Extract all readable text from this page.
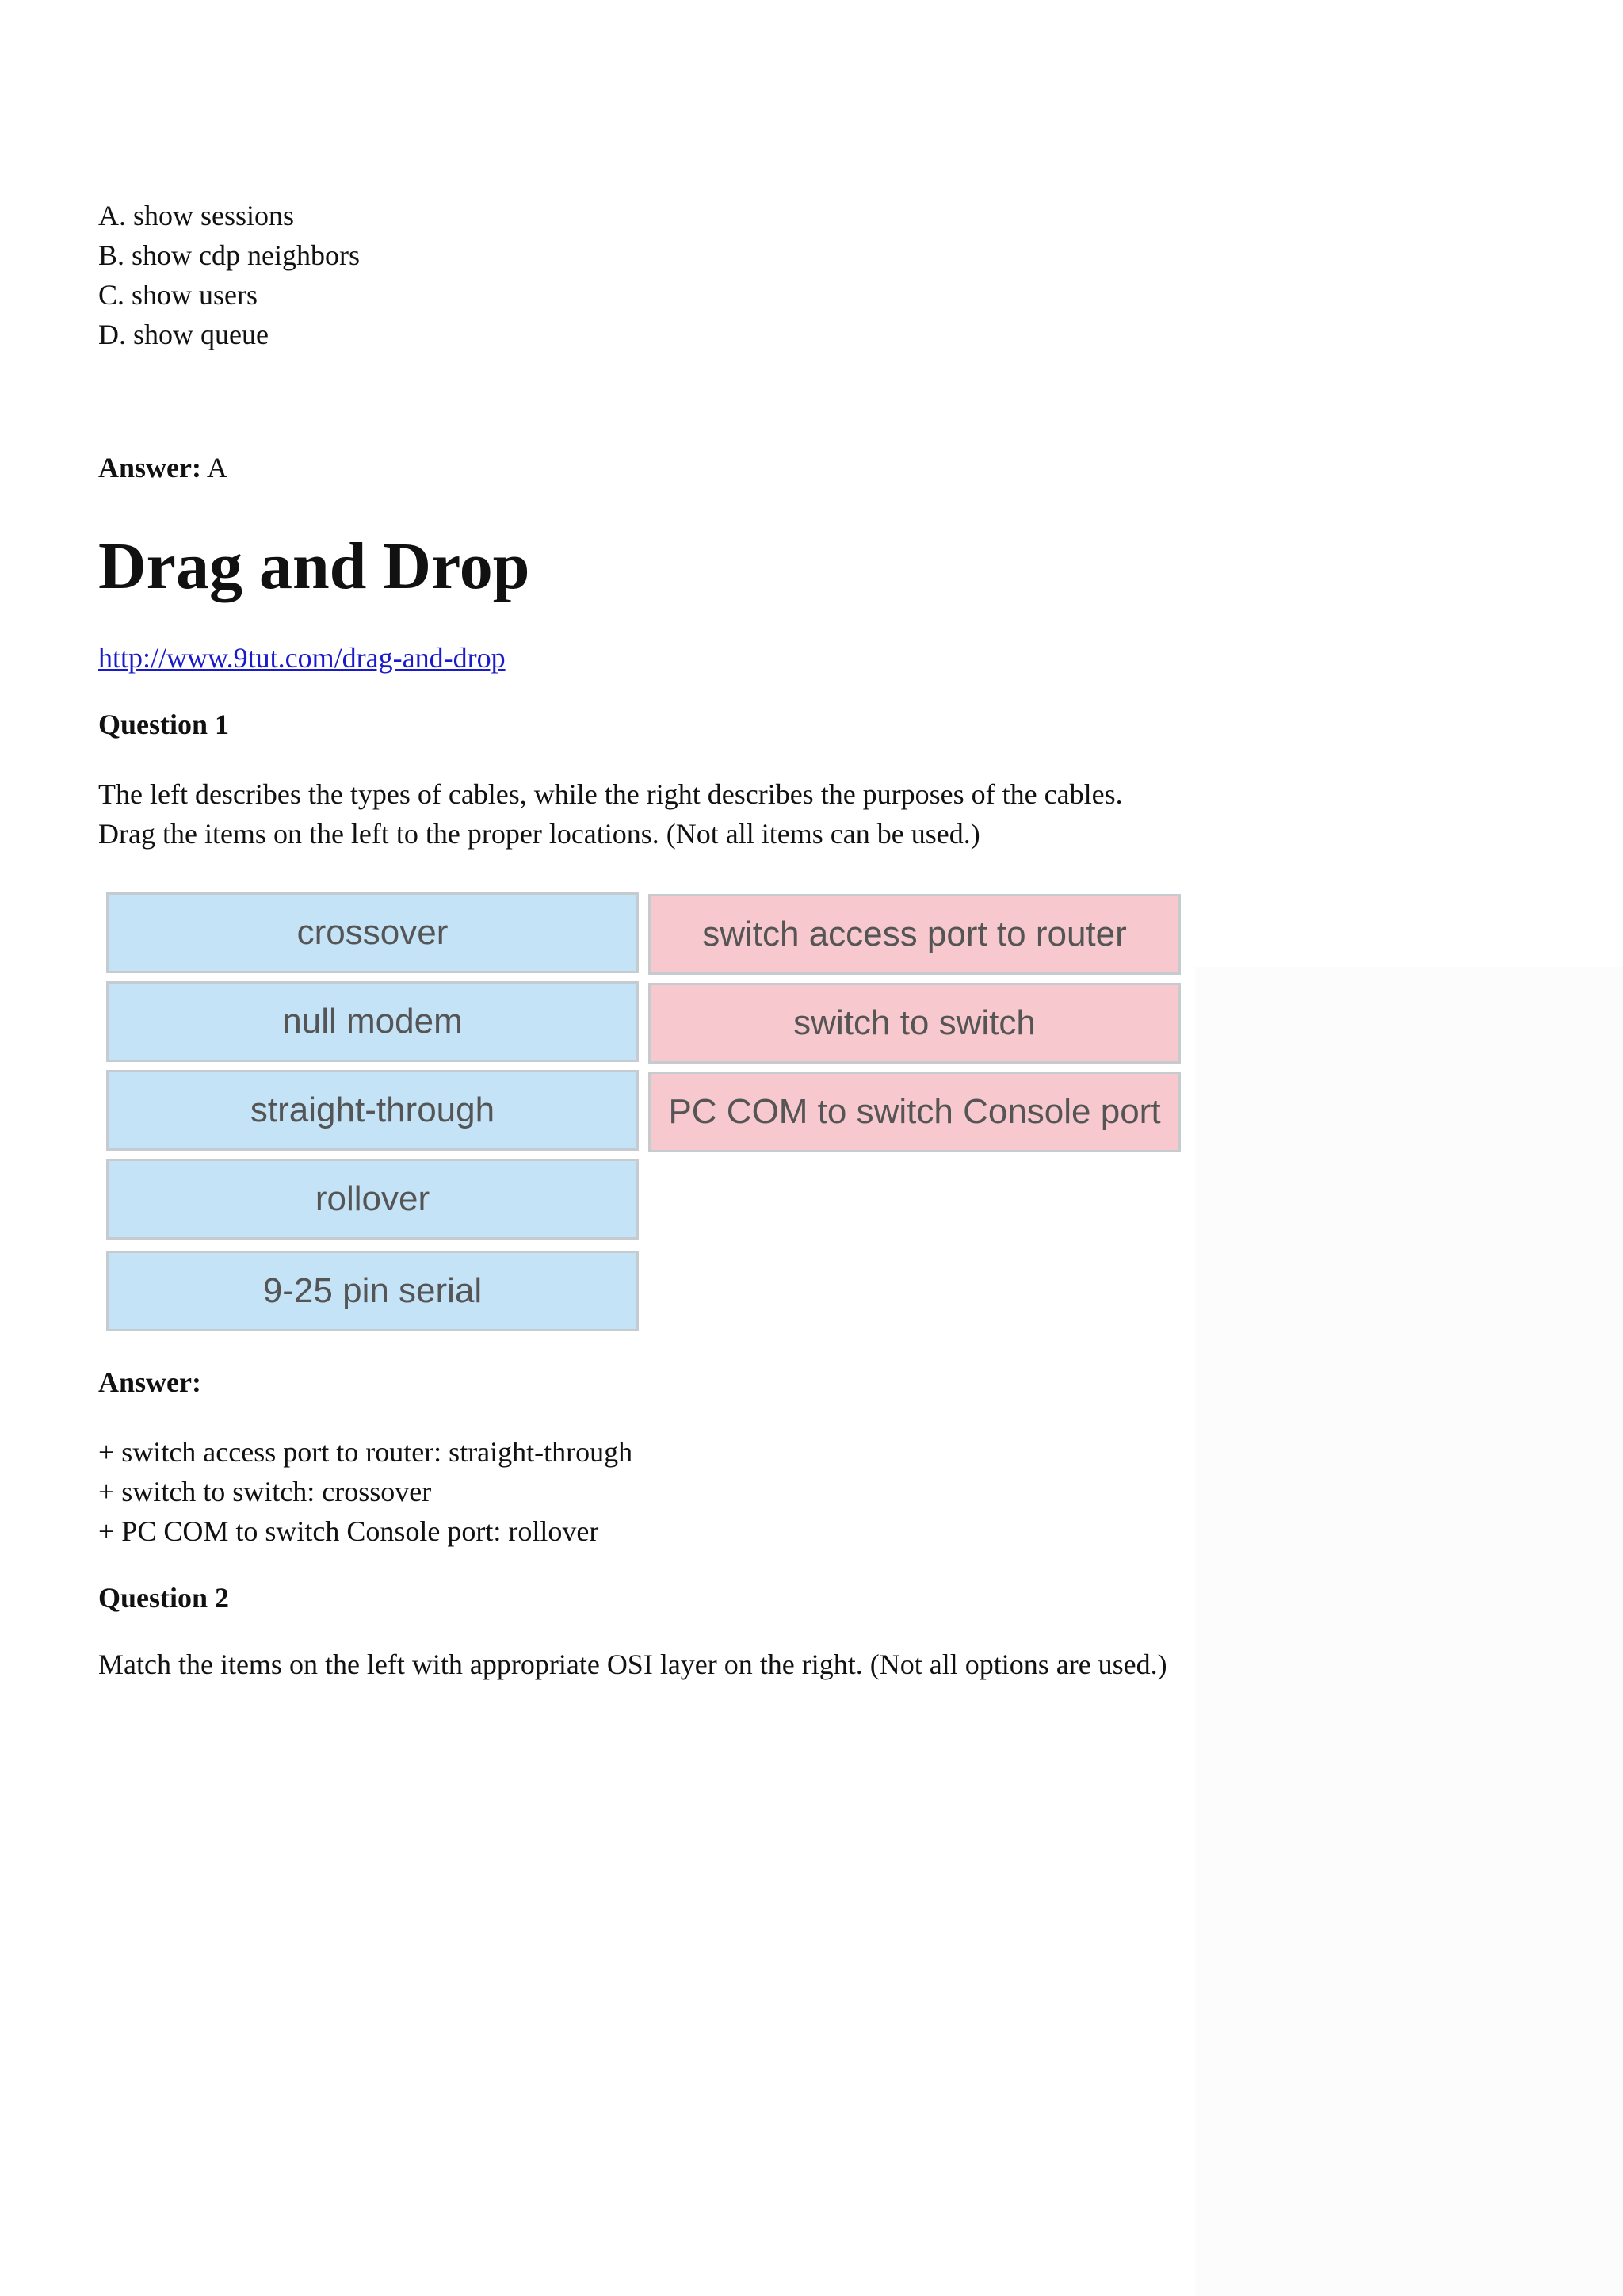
A. show sessions
B. show cdp neighbors
C. show users
D. show queue
Answer: A
Drag and Drop
http://www.9tut.com/drag-and-drop
Question 1
The left describes the types of cables, while the right describes the purposes of the cables.
Drag the items on the left to the proper locations. (Not all items can be used.)
crossover
null modem
straight-through
rollover
9-25 pin serial
switch access port to router
switch to switch
PC COM to switch Console port
Answer:
+ switch access port to router: straight-through
+ switch to switch: crossover
+ PC COM to switch Console port: rollover
Question 2
Match the items on the left with appropriate OSI layer on the right. (Not all options are used.)
